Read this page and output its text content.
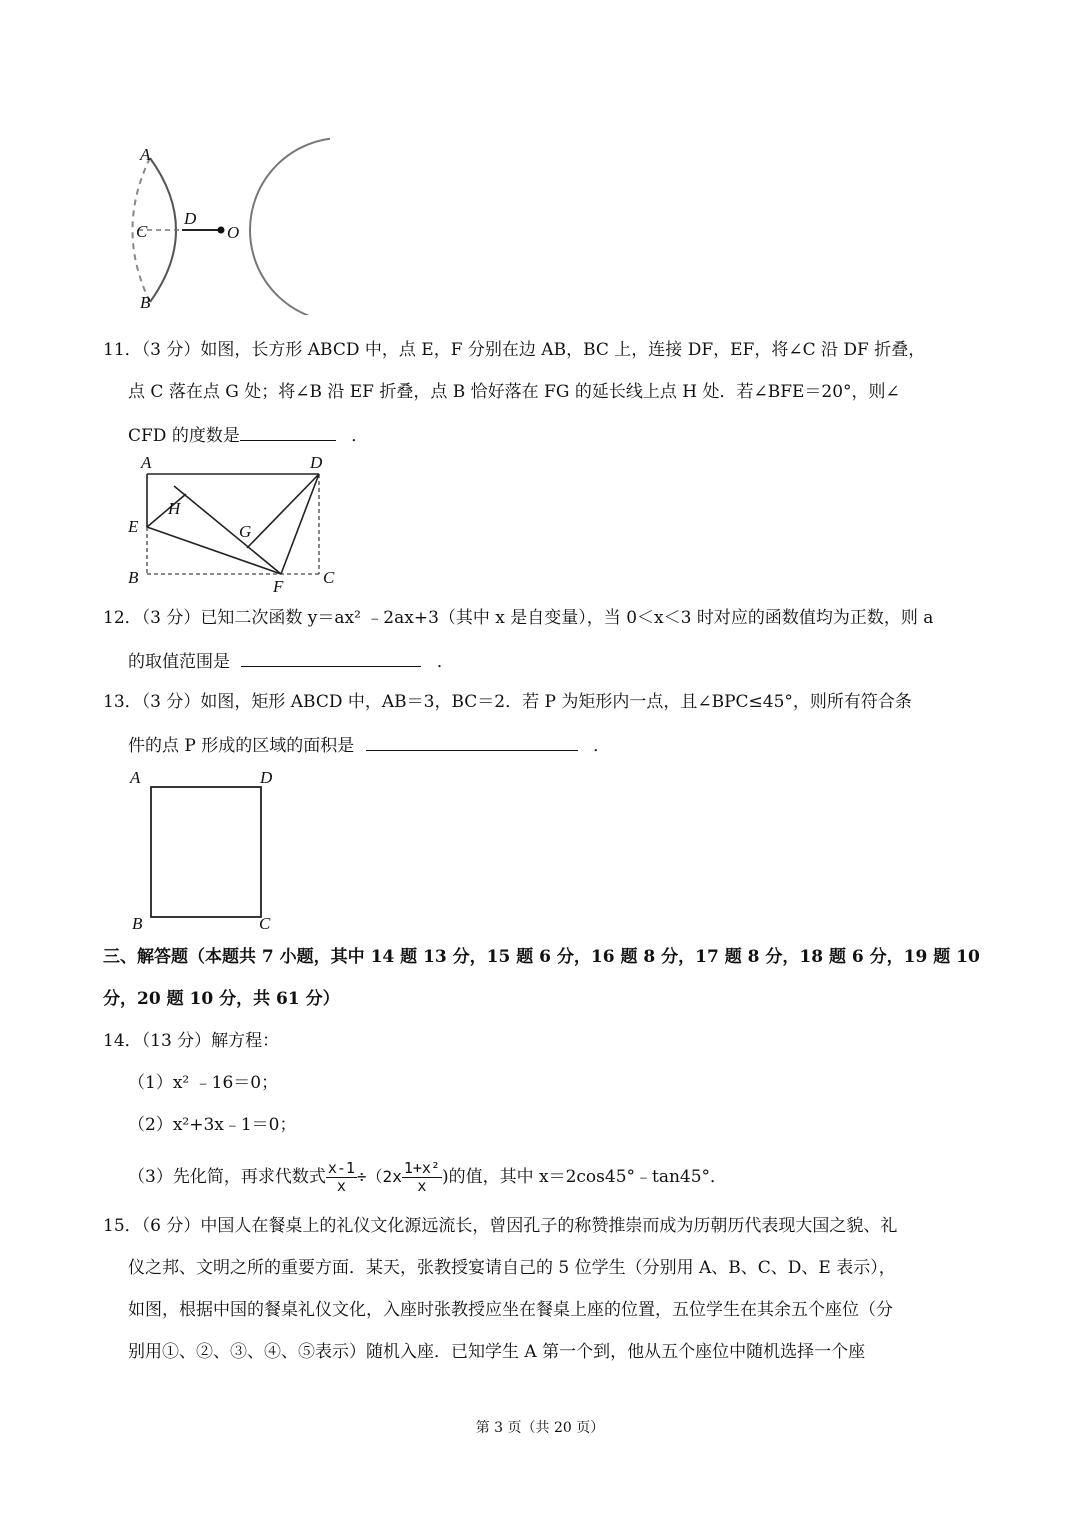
A
C
D
O
B
11．（3 分）如图，长方形 ABCD 中，点 E，F 分别在边 AB，BC 上，连接 DF，EF，将∠C 沿 DF 折叠，
点 C 落在点 G 处；将∠B 沿 EF 折叠，点 B 恰好落在 FG 的延长线上点 H 处．若∠BFE＝20°，则∠
CFD 的度数是	．
A	D
H
E	G
B	F C
12．（3 分）已知二次函数 y＝ax² ﹣2ax+3（其中 x 是自变量），当 0＜x＜3 时对应的函数值均为正数，则 a
的取值范围是	．
13．（3 分）如图，矩形 ABCD 中，AB＝3，BC＝2．若 P 为矩形内一点，且∠BPC≤45°，则所有符合条
件的点 P 形成的区域的面积是	．
A	D
B	C
三、解答题（本题共 7 小题，其中 14 题 13 分，15 题 6 分，16 题 8 分，17 题 8 分，18 题 6 分，19 题 10
分，20 题 10 分，共 61 分）
14．（13 分）解方程：
（1）x² ﹣16＝0；
（2）x²+3x﹣1＝0；
（3）先化简，再求代数式 $\frac{x-1}{x} \div(2x \frac{\text{1+x²}}{x}$ )的值，其中 x＝2cos45°﹣tan45°．
15．（6 分）中国人在餐桌上的礼仪文化源远流长，曾因孔子的称赞推崇而成为历朝历代表现大国之貌、礼
仪之邦、文明之所的重要方面．某天，张教授宴请自己的 5 位学生（分别用 A、B、C、D、E 表示），
如图，根据中国的餐桌礼仪文化，入座时张教授应坐在餐桌上座的位置，五位学生在其余五个座位（分
别用①、②、③、④、⑤表示）随机入座．已知学生 A 第一个到，他从五个座位中随机选择一个座
第 3 页（共 20 页）
